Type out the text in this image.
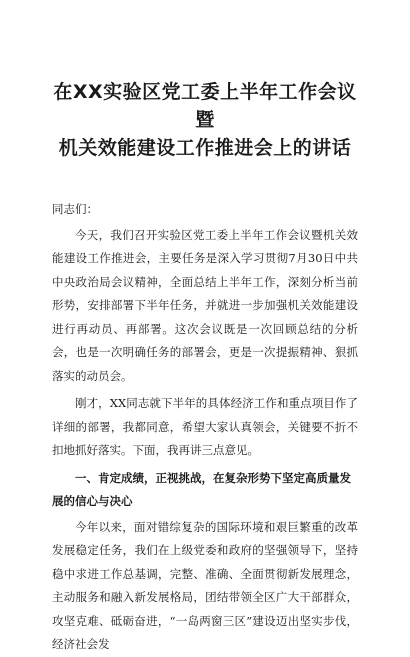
在XX实验区党工委上半年工作会议暨
机关效能建设工作推进会上的讲话

同志们：

今天，我们召开实验区党工委上半年工作会议暨机关效能建设工作推进会，主要任务是深入学习贯彻7月30日中共中央政治局会议精神，全面总结上半年工作，深刻分析当前形势，安排部署下半年任务，并就进一步加强机关效能建设进行再动员、再部署。这次会议既是一次回顾总结的分析会，也是一次明确任务的部署会，更是一次提振精神、狠抓落实的动员会。

刚才，XX同志就下半年的具体经济工作和重点项目作了详细的部署，我都同意，希望大家认真领会，关键要不折不扣地抓好落实。下面，我再讲三点意见。

一、肯定成绩，正视挑战，在复杂形势下坚定高质量发展的信心与决心

今年以来，面对错综复杂的国际环境和艰巨繁重的改革发展稳定任务，我们在上级党委和政府的坚强领导下，坚持稳中求进工作总基调，完整、准确、全面贯彻新发展理念，主动服务和融入新发展格局，团结带领全区广大干部群众，攻坚克难、砥砺奋进，“一岛两窗三区”建设迈出坚实步伐，经济社会发
